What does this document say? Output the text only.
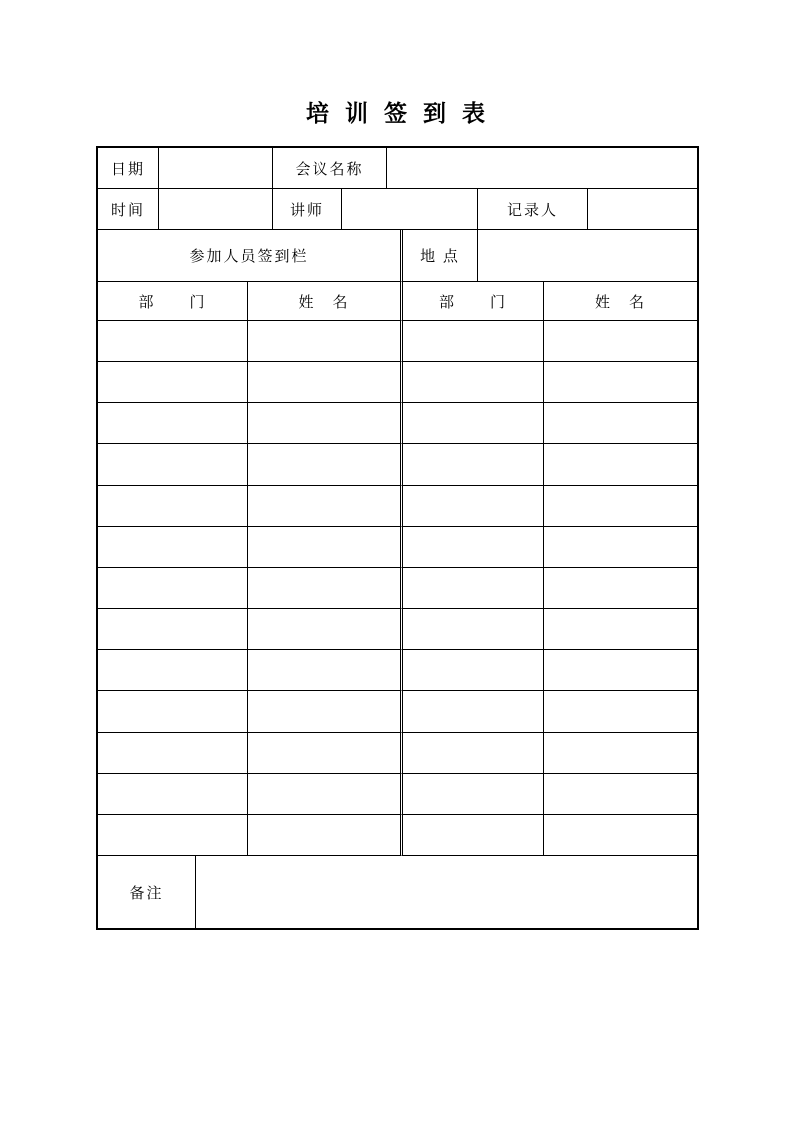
培 训 签 到 表
日期	会议名称
时间	讲师	记录人
参加人员签到栏	地 点
部　　门	姓　名	部　　门	姓　名
备注
